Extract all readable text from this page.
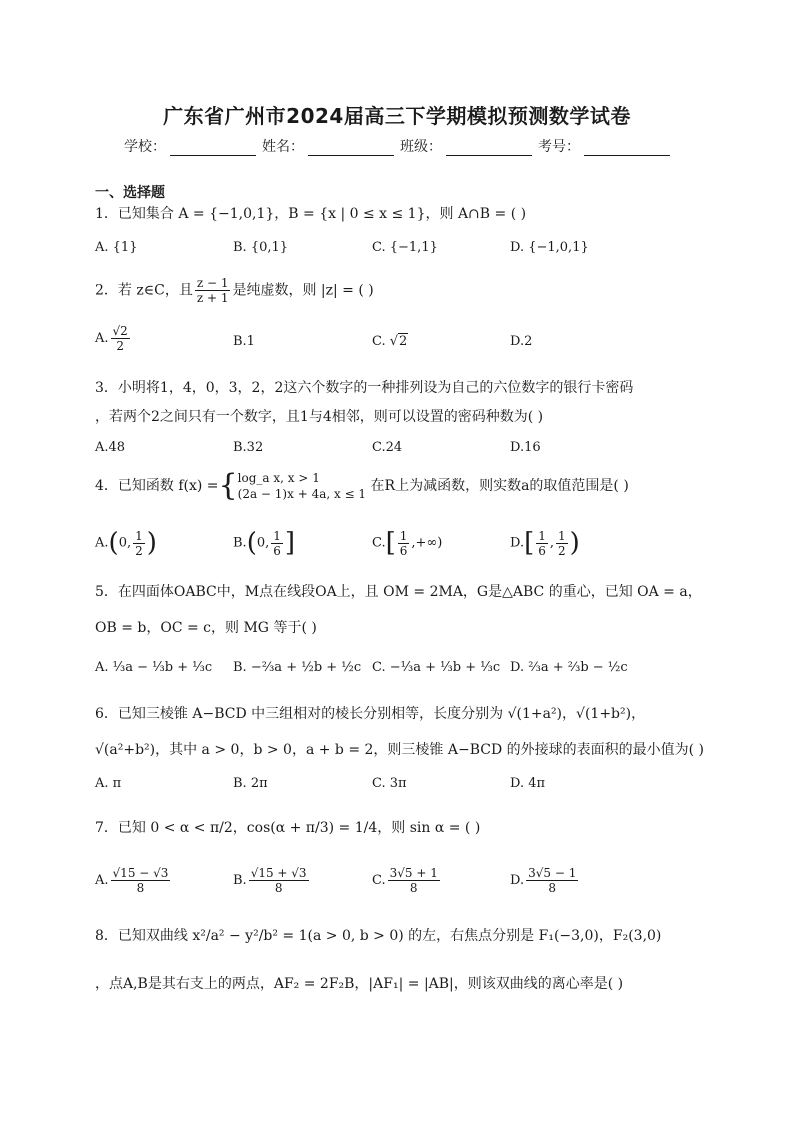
广东省广州市2024届高三下学期模拟预测数学试卷
学校：	姓名：	班级：	考号：
一、选择题
1．已知集合 A = {−1,0,1}，B = {x | 0 ≤ x ≤ 1}，则 A∩B = ( )
A. {1}	B. {0,1}	C. {−1,1}	D. {−1,0,1}
2．若 z∈C，且 $\frac{z - 1}{z + 1}$ 是纯虚数，则 |z| = ( )
A. $\frac{√2}{2}$	B.1	C. √2	D.2
3．小明将1，4，0，3，2，2这六个数字的一种排列设为自己的六位数字的银行卡密码
，若两个2之间只有一个数字，且1与4相邻，则可以设置的密码种数为( )
A.48	B.32	C.24	D.16
4．已知函数 f(x) ={ log_a x, x > 1
(2a − 1)x + 4a, x ≤ 1 在R上为减函数，则实数a的取值范围是( )
A.(0, $\frac{1}{2}$ )	B.(0, $\frac{1}{6}$ ]	$C.[ \frac{1}{6}$ ,+∞)	$D.[ \frac{1}{6}$ , $\frac{1}{2}$ )
5．在四面体OABC中，M点在线段OA上，且 OM = 2MA，G是△ABC 的重心，已知 OA = a，
OB = b，OC = c，则 MG 等于( )
A. ⅓a − ⅓b + ⅓c B. −⅔a + ½b + ½c C. −⅓a + ⅓b + ⅓c D. ⅔a + ⅔b − ½c
6．已知三棱锥 A−BCD 中三组相对的棱长分别相等，长度分别为 √(1+a²)，√(1+b²)，
√(a²+b²)，其中 a > 0，b > 0，a + b = 2，则三棱锥 A−BCD 的外接球的表面积的最小值为( )
A. π	B. 2π	C. 3π	D. 4π
7．已知 0 < α < π/2，cos(α + π/3) = 1/4，则 sin α = ( )
A. $\frac{√15 - √3}{8}$	B. $\frac{√15 + √3}{8}$	C. $\frac{3√5 + 1}{8}$	D. $\frac{3√5 - 1}{8}$
8．已知双曲线 x²/a² − y²/b² = 1(a > 0, b > 0) 的左，右焦点分别是 F₁(−3,0)，F₂(3,0)
，点A,B是其右支上的两点，AF₂ = 2F₂B，|AF₁| = |AB|，则该双曲线的离心率是( )
